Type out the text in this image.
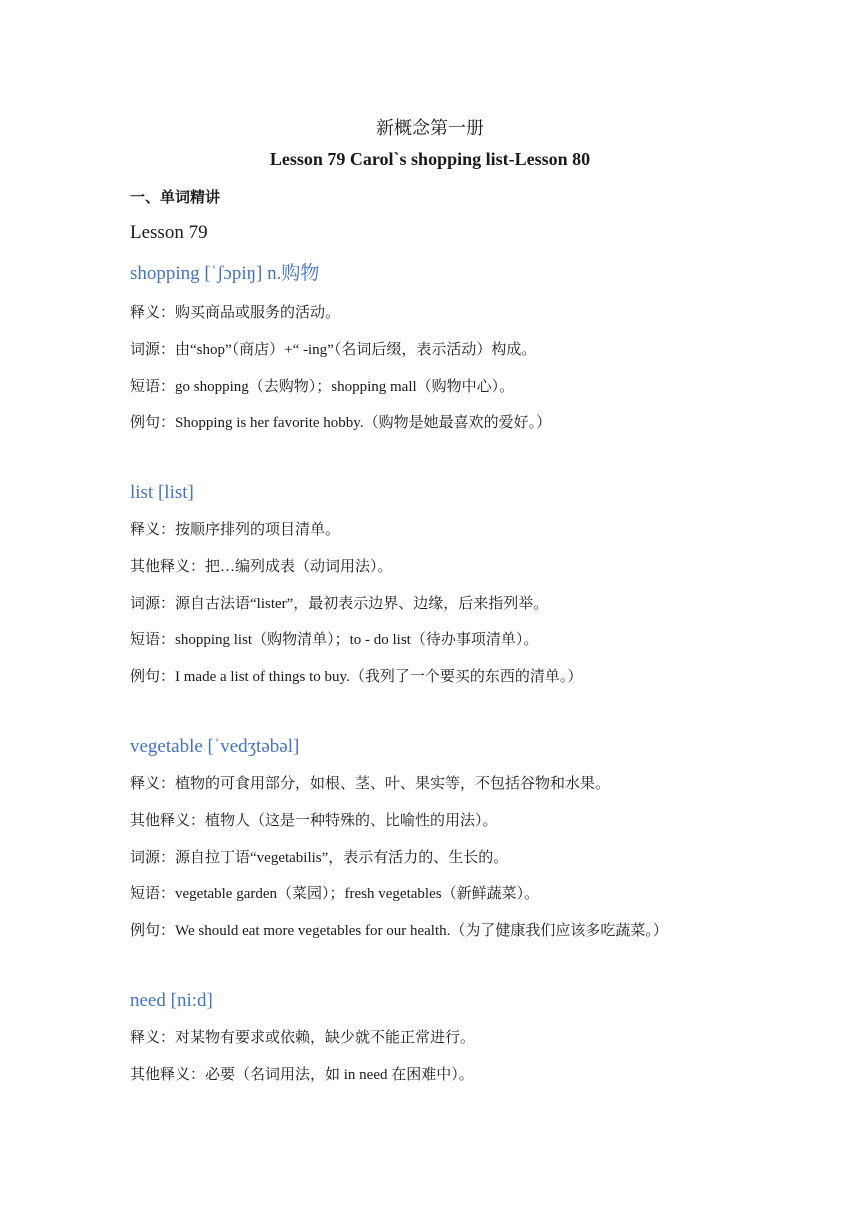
新概念第一册
Lesson 79 Carol`s shopping list-Lesson 80
一、单词精讲
Lesson 79
shopping [ˈʃɔpiŋ] n.购物
释义：购买商品或服务的活动。
词源：由“shop”（商店）+“ -ing”（名词后缀，表示活动）构成。
短语：go shopping（去购物）；shopping mall（购物中心）。
例句：Shopping is her favorite hobby.（购物是她最喜欢的爱好。）
list [list]
释义：按顺序排列的项目清单。
其他释义：把…编列成表（动词用法）。
词源：源自古法语“lister”，最初表示边界、边缘，后来指列举。
短语：shopping list（购物清单）；to - do list（待办事项清单）。
例句：I made a list of things to buy.（我列了一个要买的东西的清单。）
vegetable [ˈvedʒtəbəl]
释义：植物的可食用部分，如根、茎、叶、果实等，不包括谷物和水果。
其他释义：植物人（这是一种特殊的、比喻性的用法）。
词源：源自拉丁语“vegetabilis”，表示有活力的、生长的。
短语：vegetable garden（菜园）；fresh vegetables（新鲜蔬菜）。
例句：We should eat more vegetables for our health.（为了健康我们应该多吃蔬菜。）
need [ni:d]
释义：对某物有要求或依赖，缺少就不能正常进行。
其他释义：必要（名词用法，如 in need 在困难中）。
